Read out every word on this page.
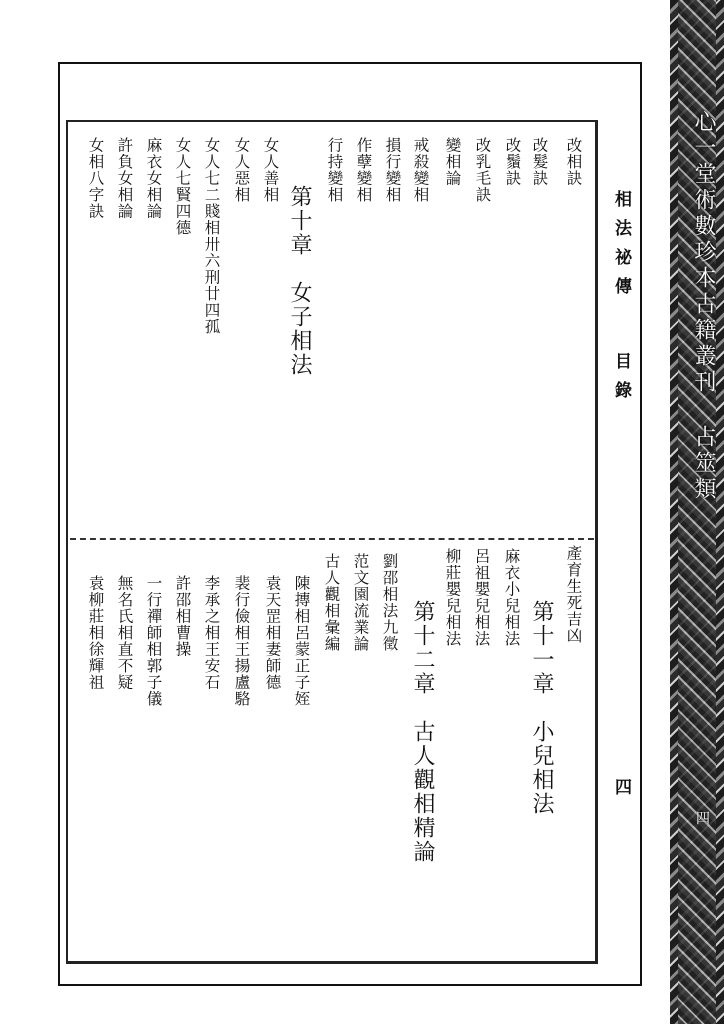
相法祕傳
目錄
四
改相訣
改髮訣
改鬚訣
改乳毛訣
變相論
戒殺變相
損行變相
作孽變相
行持變相
第十章　女子相法
女人善相
女人惡相
女人七二賤相卅六刑廿四孤
女人七賢四德
麻衣女相論
許負女相論
女相八字訣
產育生死吉凶
第十一章　小兒相法
麻衣小兒相法
呂祖嬰兒相法
柳莊嬰兒相法
第十二章　古人觀相精論
劉邵相法九徵
范文園流業論
古人觀相彙編
陳摶相呂蒙正子姪
袁天罡相妻師德
裴行儉相王揚盧駱
李承之相王安石
許邵相曹操
一行禪師相郭子儀
無名氏相直不疑
袁柳莊相徐輝祖
心一堂術數珍本古籍叢刊 占筮類
四
